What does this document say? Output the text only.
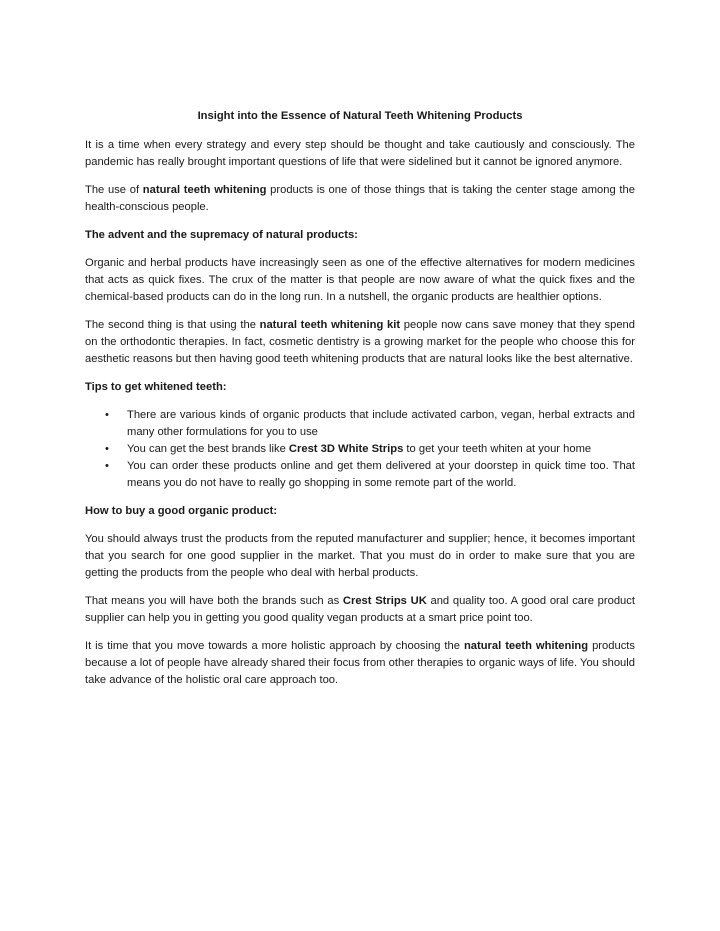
Insight into the Essence of Natural Teeth Whitening Products

It is a time when every strategy and every step should be thought and take cautiously and consciously. The pandemic has really brought important questions of life that were sidelined but it cannot be ignored anymore.

The use of natural teeth whitening products is one of those things that is taking the center stage among the health-conscious people.

The advent and the supremacy of natural products:

Organic and herbal products have increasingly seen as one of the effective alternatives for modern medicines that acts as quick fixes. The crux of the matter is that people are now aware of what the quick fixes and the chemical-based products can do in the long run. In a nutshell, the organic products are healthier options.

The second thing is that using the natural teeth whitening kit people now cans save money that they spend on the orthodontic therapies. In fact, cosmetic dentistry is a growing market for the people who choose this for aesthetic reasons but then having good teeth whitening products that are natural looks like the best alternative.

Tips to get whitened teeth:

• There are various kinds of organic products that include activated carbon, vegan, herbal extracts and many other formulations for you to use
• You can get the best brands like Crest 3D White Strips to get your teeth whiten at your home
• You can order these products online and get them delivered at your doorstep in quick time too. That means you do not have to really go shopping in some remote part of the world.

How to buy a good organic product:

You should always trust the products from the reputed manufacturer and supplier; hence, it becomes important that you search for one good supplier in the market. That you must do in order to make sure that you are getting the products from the people who deal with herbal products.

That means you will have both the brands such as Crest Strips UK and quality too. A good oral care product supplier can help you in getting you good quality vegan products at a smart price point too.

It is time that you move towards a more holistic approach by choosing the natural teeth whitening products because a lot of people have already shared their focus from other therapies to organic ways of life. You should take advance of the holistic oral care approach too.
